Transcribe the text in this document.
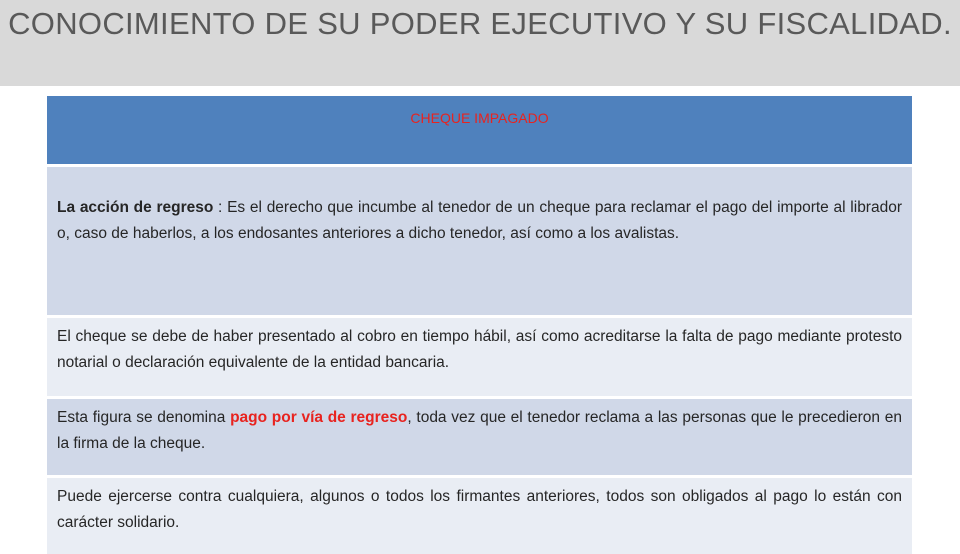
CONOCIMIENTO DE SU PODER EJECUTIVO Y SU FISCALIDAD.
CHEQUE IMPAGADO
La acción de regreso : Es el derecho que incumbe al tenedor de un cheque para reclamar el pago del importe al librador o, caso de haberlos, a los endosantes anteriores a dicho tenedor, así como a los avalistas.
El cheque se debe de haber presentado al cobro en tiempo hábil, así como acreditarse la falta de pago mediante protesto notarial o declaración equivalente de la entidad bancaria.
Esta figura se denomina pago por vía de regreso, toda vez que el tenedor reclama a las personas que le precedieron en la firma de la cheque.
Puede ejercerse contra cualquiera, algunos o todos los firmantes anteriores, todos son obligados al pago lo están con carácter solidario.
